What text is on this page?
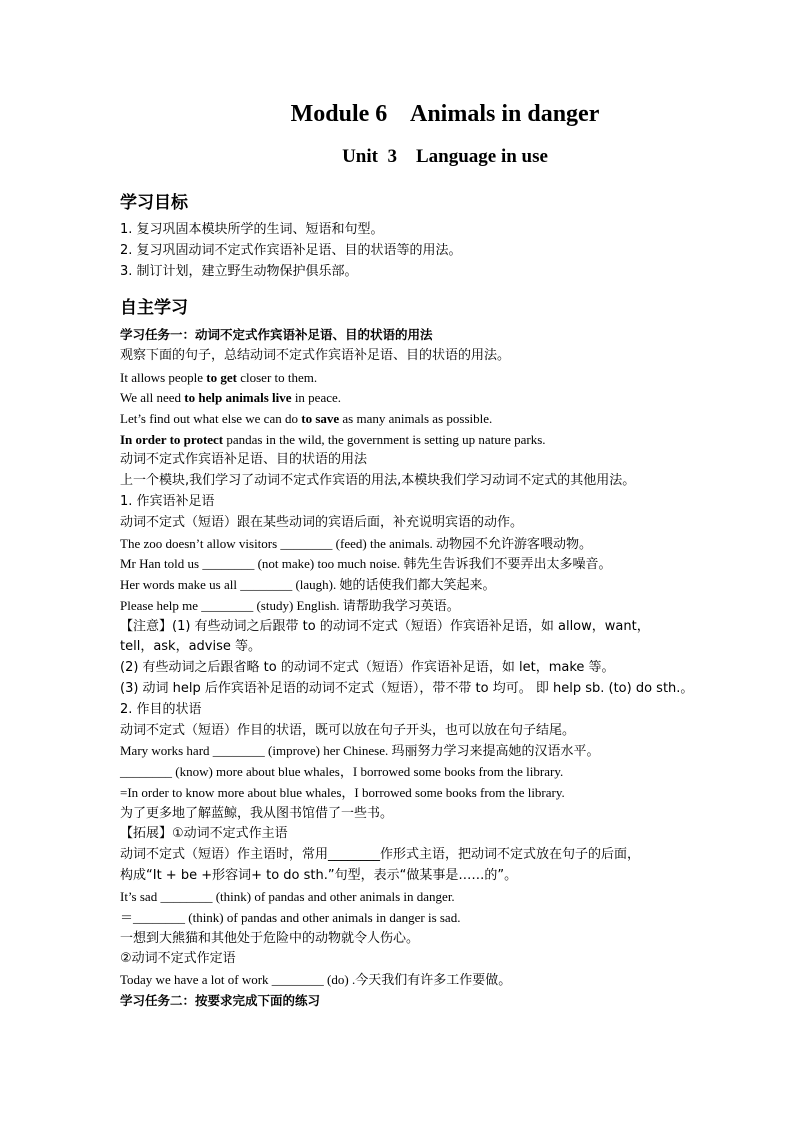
Module 6    Animals in danger
Unit  3    Language in use
学习目标
1. 复习巩固本模块所学的生词、短语和句型。
2. 复习巩固动词不定式作宾语补足语、目的状语等的用法。
3. 制订计划，建立野生动物保护俱乐部。
自主学习
学习任务一：动词不定式作宾语补足语、目的状语的用法
观察下面的句子，总结动词不定式作宾语补足语、目的状语的用法。
It allows people to get closer to them.
We all need to help animals live in peace.
Let’s find out what else we can do to save as many animals as possible.
In order to protect pandas in the wild, the government is setting up nature parks.
动词不定式作宾语补足语、目的状语的用法
上一个模块,我们学习了动词不定式作宾语的用法,本模块我们学习动词不定式的其他用法。
1. 作宾语补足语
动词不定式（短语）跟在某些动词的宾语后面，补充说明宾语的动作。
The zoo doesn’t allow visitors ________ (feed) the animals. 动物园不允许游客喂动物。
Mr Han told us ________ (not make) too much noise. 韩先生告诉我们不要弄出太多噪音。
Her words make us all ________ (laugh). 她的话使我们都大笑起来。
Please help me ________ (study) English. 请帮助我学习英语。
【注意】(1) 有些动词之后跟带 to 的动词不定式（短语）作宾语补足语，如 allow，want，
tell，ask，advise 等。
(2) 有些动词之后跟省略 to 的动词不定式（短语）作宾语补足语，如 let，make 等。
(3) 动词 help 后作宾语补足语的动词不定式（短语），带不带 to 均可。 即 help sb. (to) do sth.。
2. 作目的状语
动词不定式（短语）作目的状语，既可以放在句子开头，也可以放在句子结尾。
Mary works hard ________ (improve) her Chinese. 玛丽努力学习来提高她的汉语水平。
________ (know) more about blue whales，I borrowed some books from the library.
=In order to know more about blue whales，I borrowed some books from the library.
为了更多地了解蓝鲸，我从图书馆借了一些书。
【拓展】①动词不定式作主语
动词不定式（短语）作主语时，常用________作形式主语，把动词不定式放在句子的后面，
构成“It + be +形容词+ to do sth.”句型，表示“做某事是……的”。
It’s sad ________ (think) of pandas and other animals in danger.
＝________ (think) of pandas and other animals in danger is sad.
一想到大熊猫和其他处于危险中的动物就令人伤心。
②动词不定式作定语
Today we have a lot of work ________ (do) .今天我们有许多工作要做。
学习任务二：按要求完成下面的练习
